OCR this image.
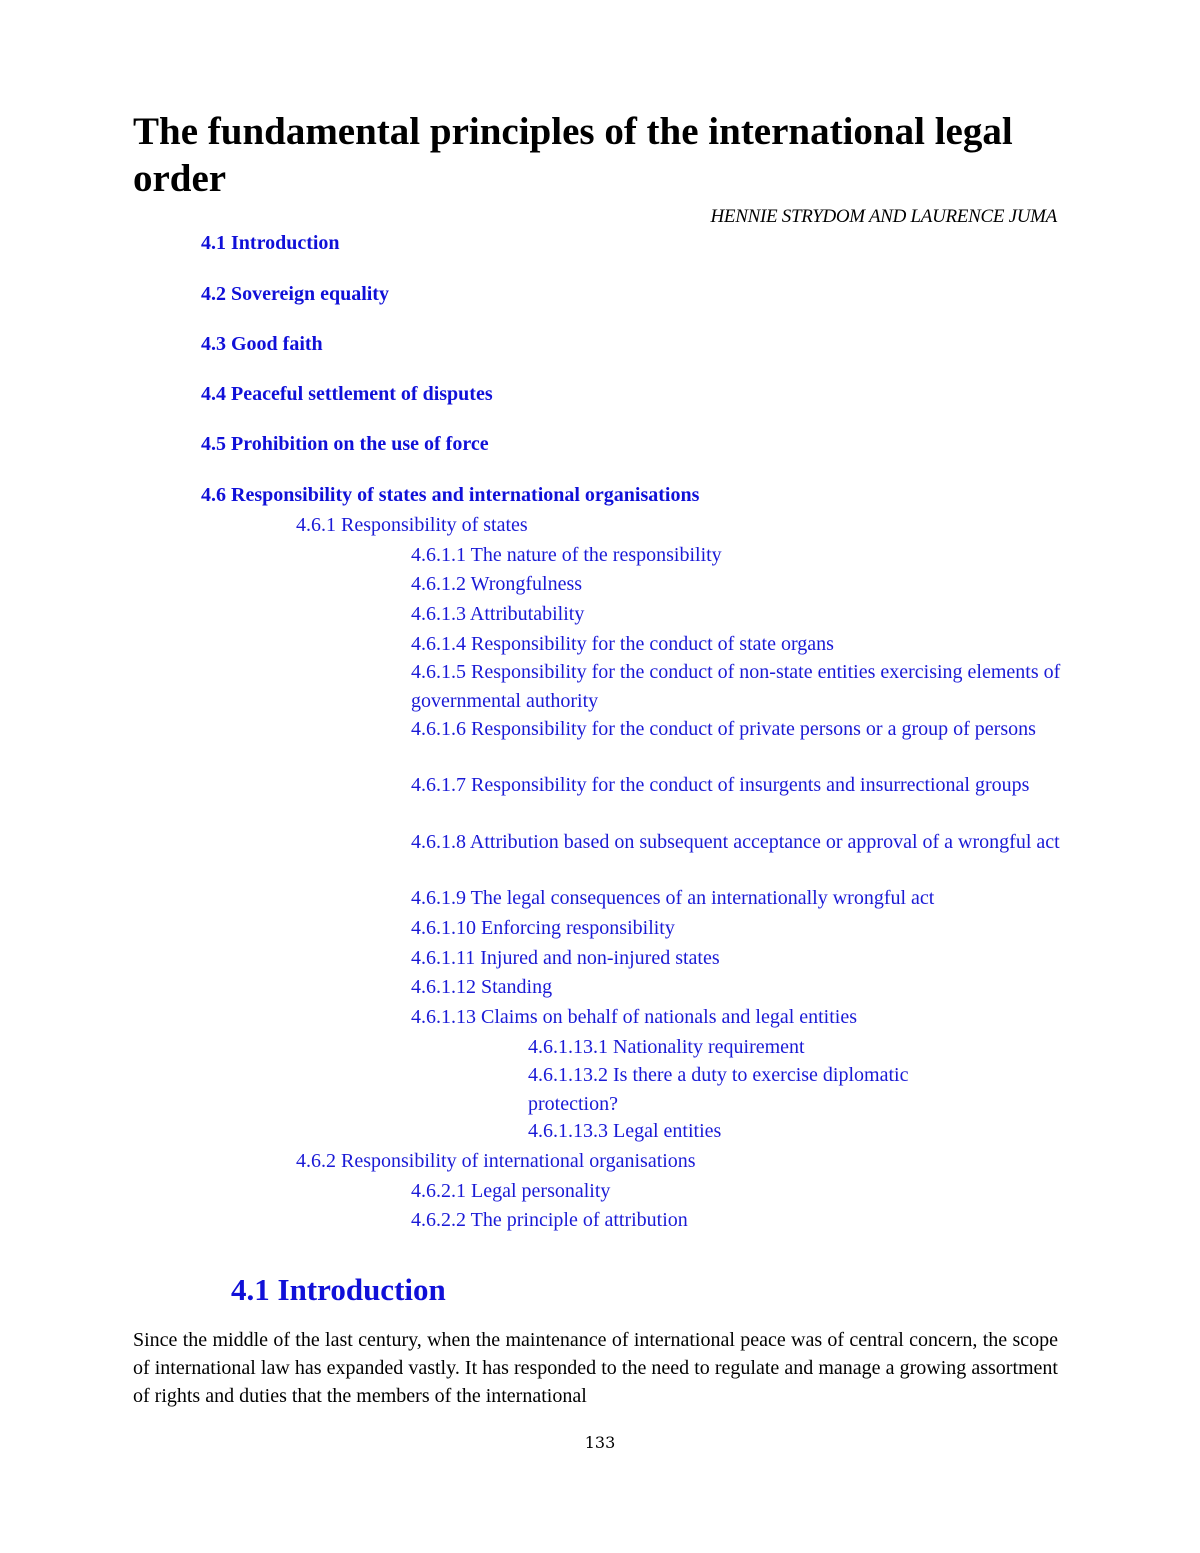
The fundamental principles of the international legal order
HENNIE STRYDOM AND LAURENCE JUMA
4.1 Introduction
4.2 Sovereign equality
4.3 Good faith
4.4 Peaceful settlement of disputes
4.5 Prohibition on the use of force
4.6 Responsibility of states and international organisations
4.6.1 Responsibility of states
4.6.1.1 The nature of the responsibility
4.6.1.2 Wrongfulness
4.6.1.3 Attributability
4.6.1.4 Responsibility for the conduct of state organs
4.6.1.5 Responsibility for the conduct of non-state entities exercising elements of governmental authority
4.6.1.6 Responsibility for the conduct of private persons or a group of persons
4.6.1.7 Responsibility for the conduct of insurgents and insurrectional groups
4.6.1.8 Attribution based on subsequent acceptance or approval of a wrongful act
4.6.1.9 The legal consequences of an internationally wrongful act
4.6.1.10 Enforcing responsibility
4.6.1.11 Injured and non-injured states
4.6.1.12 Standing
4.6.1.13 Claims on behalf of nationals and legal entities
4.6.1.13.1 Nationality requirement
4.6.1.13.2 Is there a duty to exercise diplomatic protection?
4.6.1.13.3 Legal entities
4.6.2 Responsibility of international organisations
4.6.2.1 Legal personality
4.6.2.2 The principle of attribution
4.1 Introduction

Since the middle of the last century, when the maintenance of international peace was of central concern, the scope of international law has expanded vastly. It has responded to the need to regulate and manage a growing assortment of rights and duties that the members of the international

133
